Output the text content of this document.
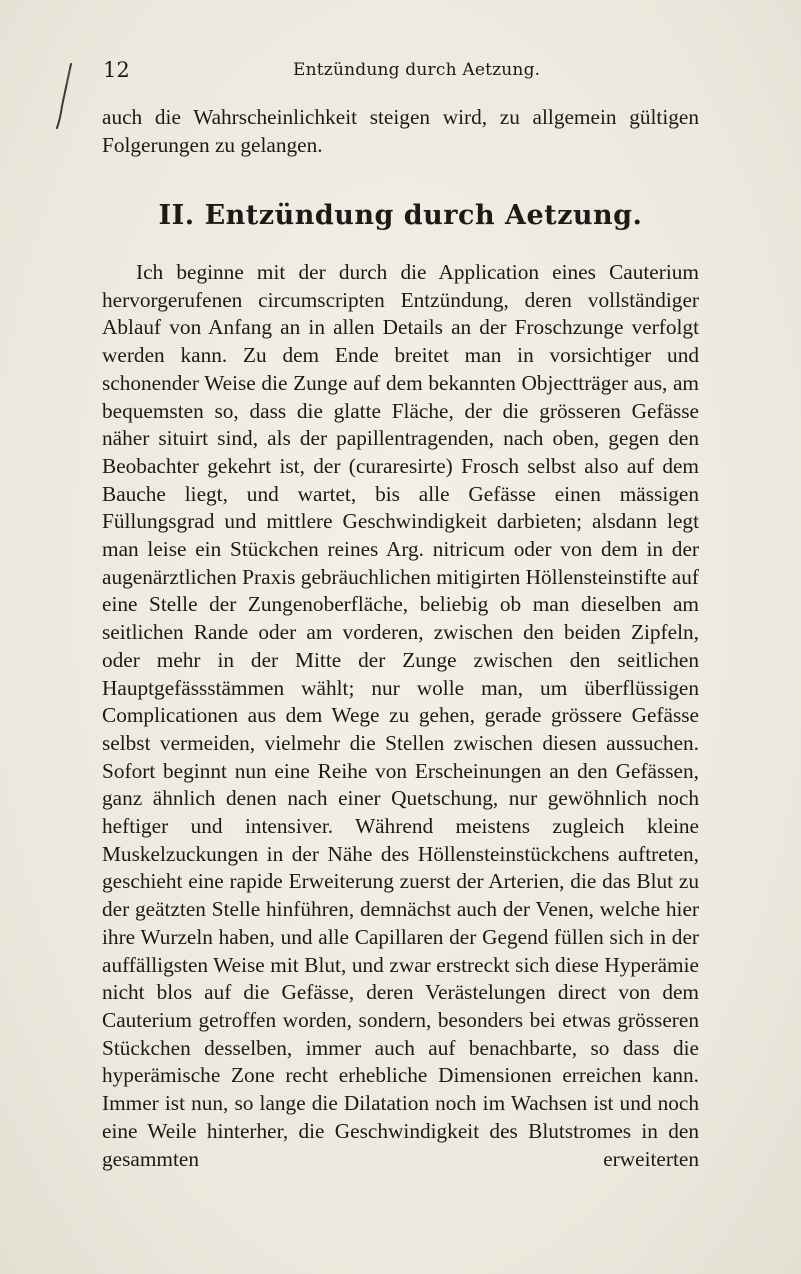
12	Entzündung durch Aetzung.

auch die Wahrscheinlichkeit steigen wird, zu allgemein gültigen Folgerungen zu gelangen.

II. Entzündung durch Aetzung.

Ich beginne mit der durch die Application eines Cauterium hervorgerufenen circumscripten Entzündung, deren vollständiger Ablauf von Anfang an in allen Details an der Froschzunge verfolgt werden kann. Zu dem Ende breitet man in vorsichtiger und schonender Weise die Zunge auf dem bekannten Objectträger aus, am bequemsten so, dass die glatte Fläche, der die grösseren Gefässe näher situirt sind, als der papillentragenden, nach oben, gegen den Beobachter gekehrt ist, der (curaresirte) Frosch selbst also auf dem Bauche liegt, und wartet, bis alle Gefässe einen mässigen Füllungsgrad und mittlere Geschwindigkeit darbieten; alsdann legt man leise ein Stückchen reines Arg. nitricum oder von dem in der augenärztlichen Praxis gebräuchlichen mitigirten Höllensteinstifte auf eine Stelle der Zungenoberfläche, beliebig ob man dieselben am seitlichen Rande oder am vorderen, zwischen den beiden Zipfeln, oder mehr in der Mitte der Zunge zwischen den seitlichen Hauptgefässstämmen wählt; nur wolle man, um überflüssigen Complicationen aus dem Wege zu gehen, gerade grössere Gefässe selbst vermeiden, vielmehr die Stellen zwischen diesen aussuchen. Sofort beginnt nun eine Reihe von Erscheinungen an den Gefässen, ganz ähnlich denen nach einer Quetschung, nur gewöhnlich noch heftiger und intensiver. Während meistens zugleich kleine Muskelzuckungen in der Nähe des Höllensteinstückchens auftreten, geschieht eine rapide Erweiterung zuerst der Arterien, die das Blut zu der geätzten Stelle hinführen, demnächst auch der Venen, welche hier ihre Wurzeln haben, und alle Capillaren der Gegend füllen sich in der auffälligsten Weise mit Blut, und zwar erstreckt sich diese Hyperämie nicht blos auf die Gefässe, deren Verästelungen direct von dem Cauterium getroffen worden, sondern, besonders bei etwas grösseren Stückchen desselben, immer auch auf benachbarte, so dass die hyperämische Zone recht erhebliche Dimensionen erreichen kann. Immer ist nun, so lange die Dilatation noch im Wachsen ist und noch eine Weile hinterher, die Geschwindigkeit des Blutstromes in den gesammten erweiterten
